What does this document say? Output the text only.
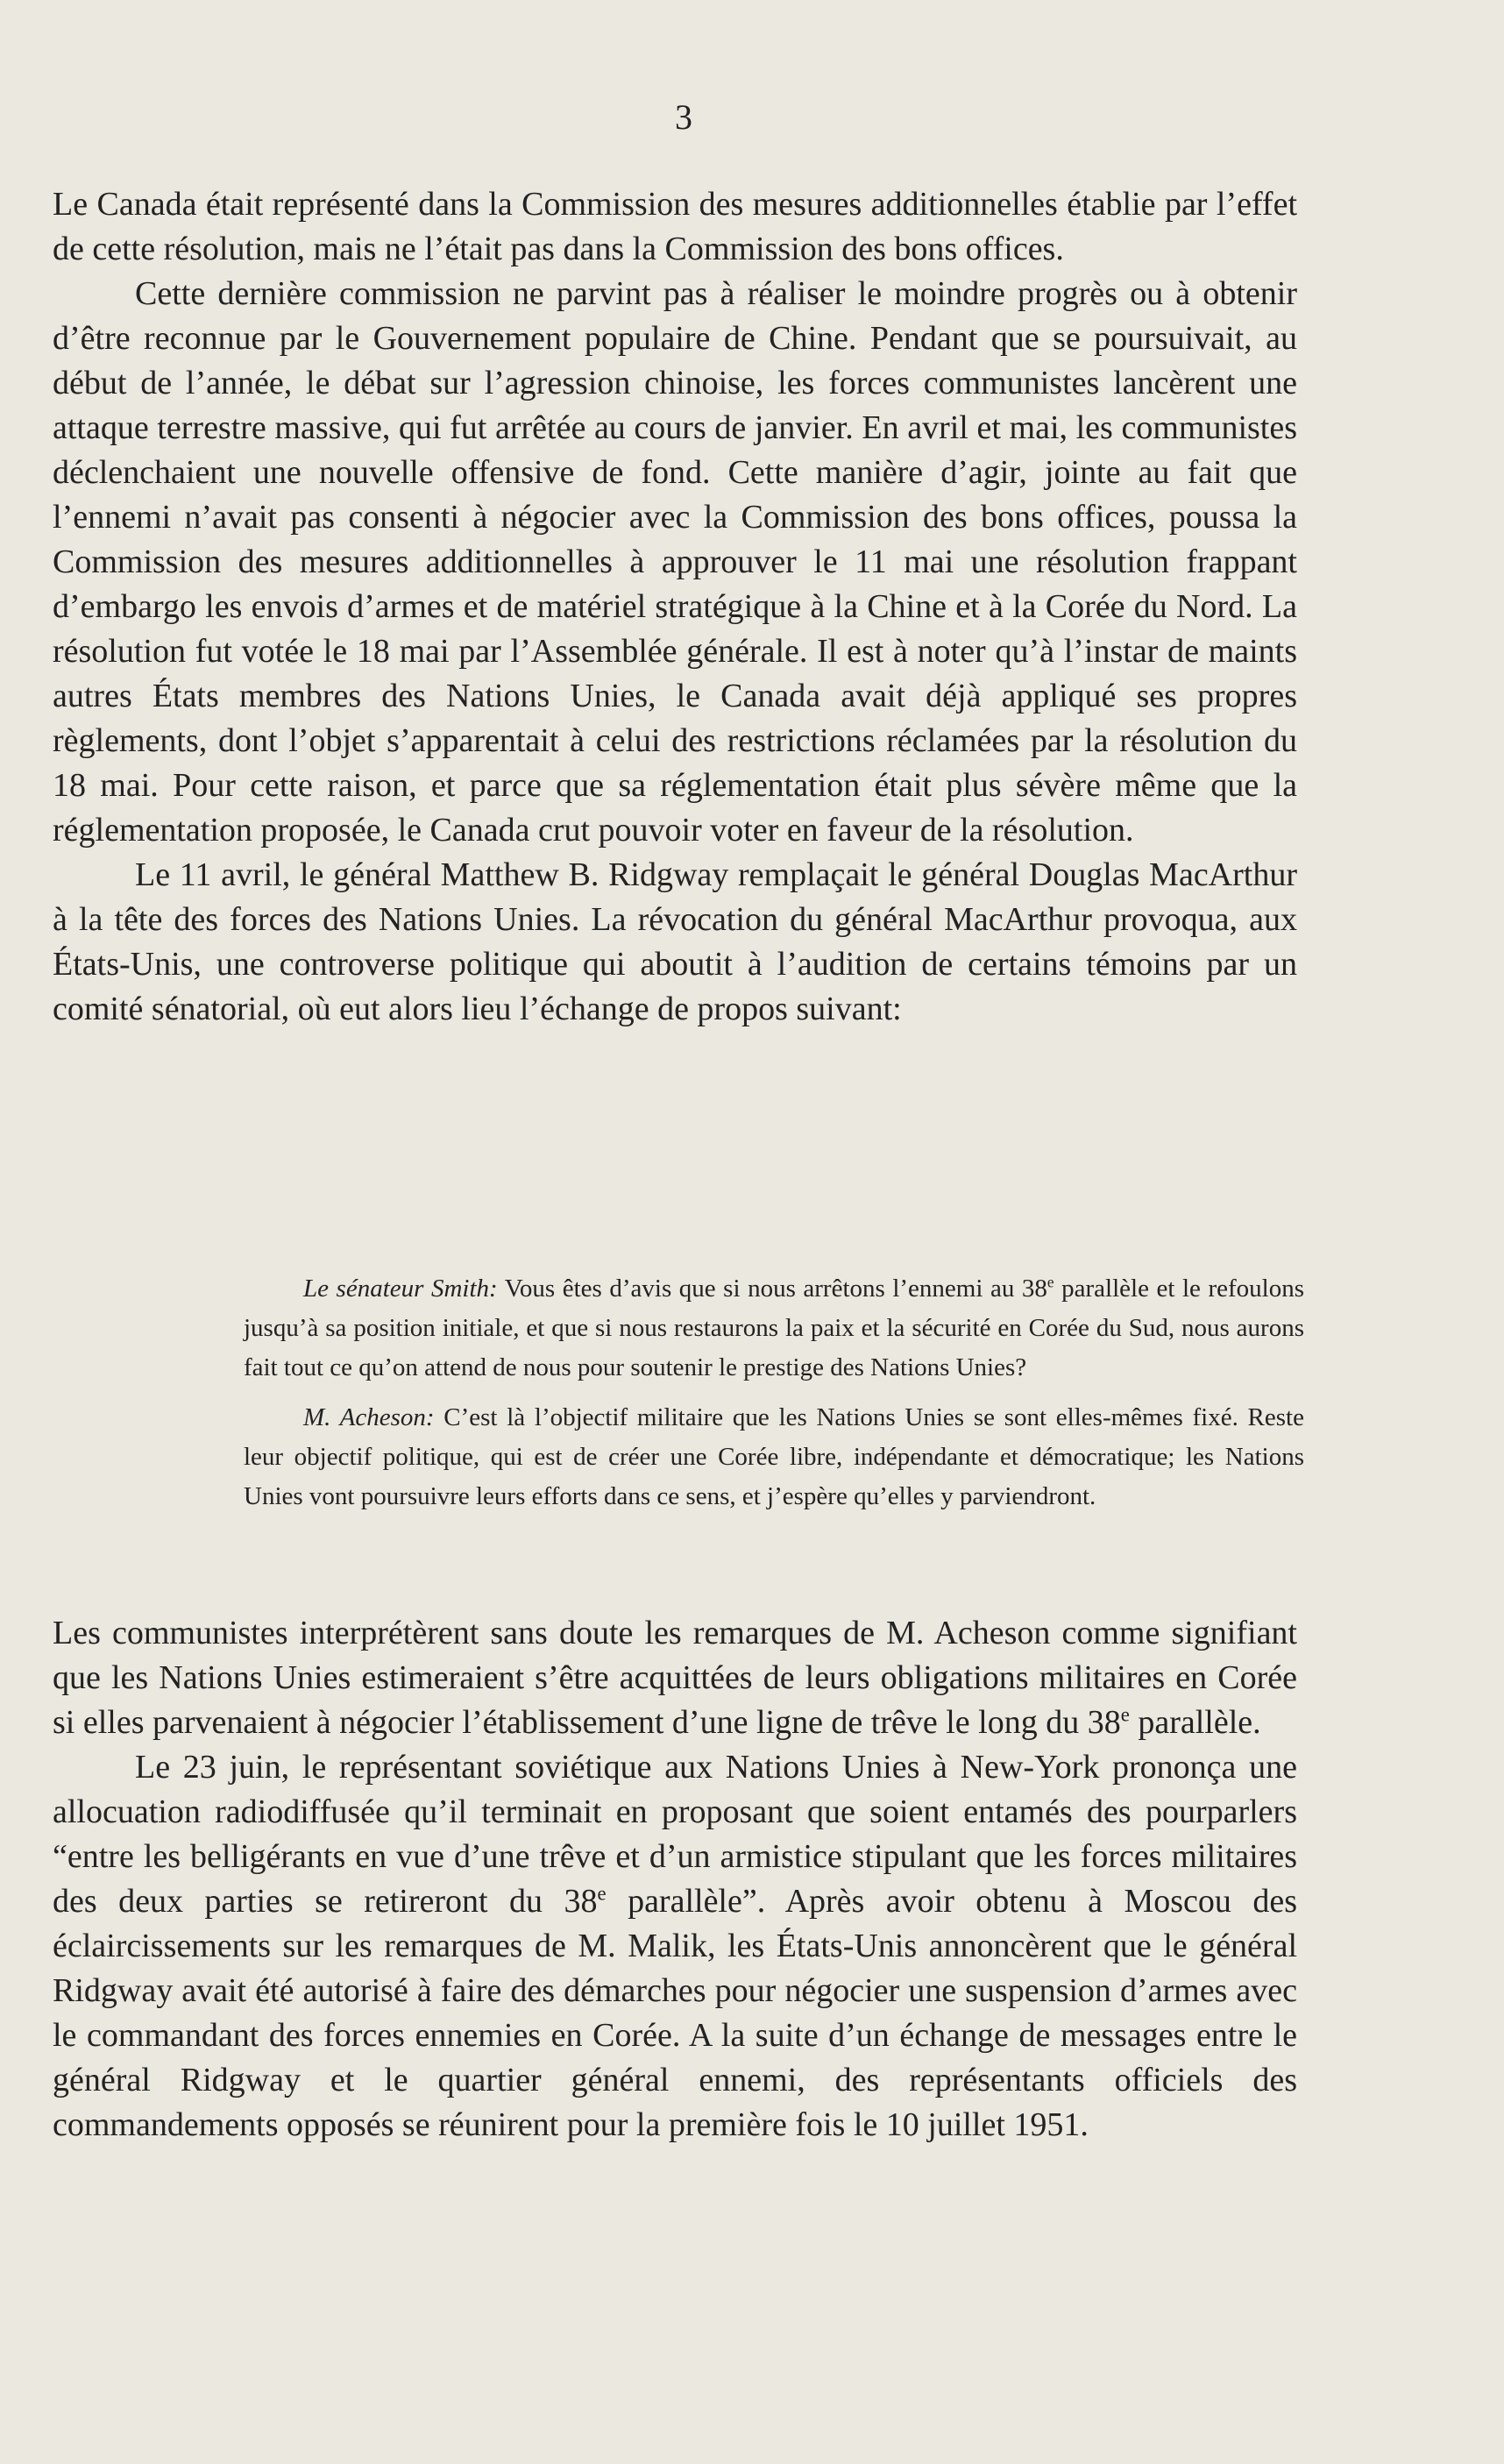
3

Le Canada était représenté dans la Commission des mesures additionnelles établie par l’effet de cette résolution, mais ne l’était pas dans la Commission des bons offices.

Cette dernière commission ne parvint pas à réaliser le moindre progrès ou à obtenir d’être reconnue par le Gouvernement populaire de Chine. Pendant que se poursuivait, au début de l’année, le débat sur l’agression chinoise, les forces communistes lancèrent une attaque terrestre massive, qui fut arrêtée au cours de janvier. En avril et mai, les communistes déclenchaient une nouvelle offensive de fond. Cette manière d’agir, jointe au fait que l’ennemi n’avait pas consenti à négocier avec la Commission des bons offices, poussa la Commission des mesures additionnelles à approuver le 11 mai une résolution frappant d’embargo les envois d’armes et de matériel stratégique à la Chine et à la Corée du Nord. La résolution fut votée le 18 mai par l’Assemblée générale. Il est à noter qu’à l’instar de maints autres États membres des Nations Unies, le Canada avait déjà appliqué ses propres règlements, dont l’objet s’apparentait à celui des restrictions réclamées par la résolution du 18 mai. Pour cette raison, et parce que sa réglementation était plus sévère même que la réglementation proposée, le Canada crut pouvoir voter en faveur de la résolution.

Le 11 avril, le général Matthew B. Ridgway remplaçait le général Douglas MacArthur à la tête des forces des Nations Unies. La révocation du général MacArthur provoqua, aux États-Unis, une controverse politique qui aboutit à l’audition de certains témoins par un comité sénatorial, où eut alors lieu l’échange de propos suivant:

Le sénateur Smith: Vous êtes d’avis que si nous arrêtons l’ennemi au 38e parallèle et le refoulons jusqu’à sa position initiale, et que si nous restaurons la paix et la sécurité en Corée du Sud, nous aurons fait tout ce qu’on attend de nous pour soutenir le prestige des Nations Unies?

M. Acheson: C’est là l’objectif militaire que les Nations Unies se sont elles-mêmes fixé. Reste leur objectif politique, qui est de créer une Corée libre, indépendante et démocratique; les Nations Unies vont poursuivre leurs efforts dans ce sens, et j’espère qu’elles y parviendront.

Les communistes interprétèrent sans doute les remarques de M. Acheson comme signifiant que les Nations Unies estimeraient s’être acquittées de leurs obligations militaires en Corée si elles parvenaient à négocier l’établissement d’une ligne de trêve le long du 38e parallèle.

Le 23 juin, le représentant soviétique aux Nations Unies à New-York prononça une allocuation radiodiffusée qu’il terminait en proposant que soient entamés des pourparlers “entre les belligérants en vue d’une trêve et d’un armistice stipulant que les forces militaires des deux parties se retireront du 38e parallèle”. Après avoir obtenu à Moscou des éclaircissements sur les remarques de M. Malik, les États-Unis annoncèrent que le général Ridgway avait été autorisé à faire des démarches pour négocier une suspension d’armes avec le commandant des forces ennemies en Corée. A la suite d’un échange de messages entre le général Ridgway et le quartier général ennemi, des représentants officiels des commandements opposés se réunirent pour la première fois le 10 juillet 1951.
